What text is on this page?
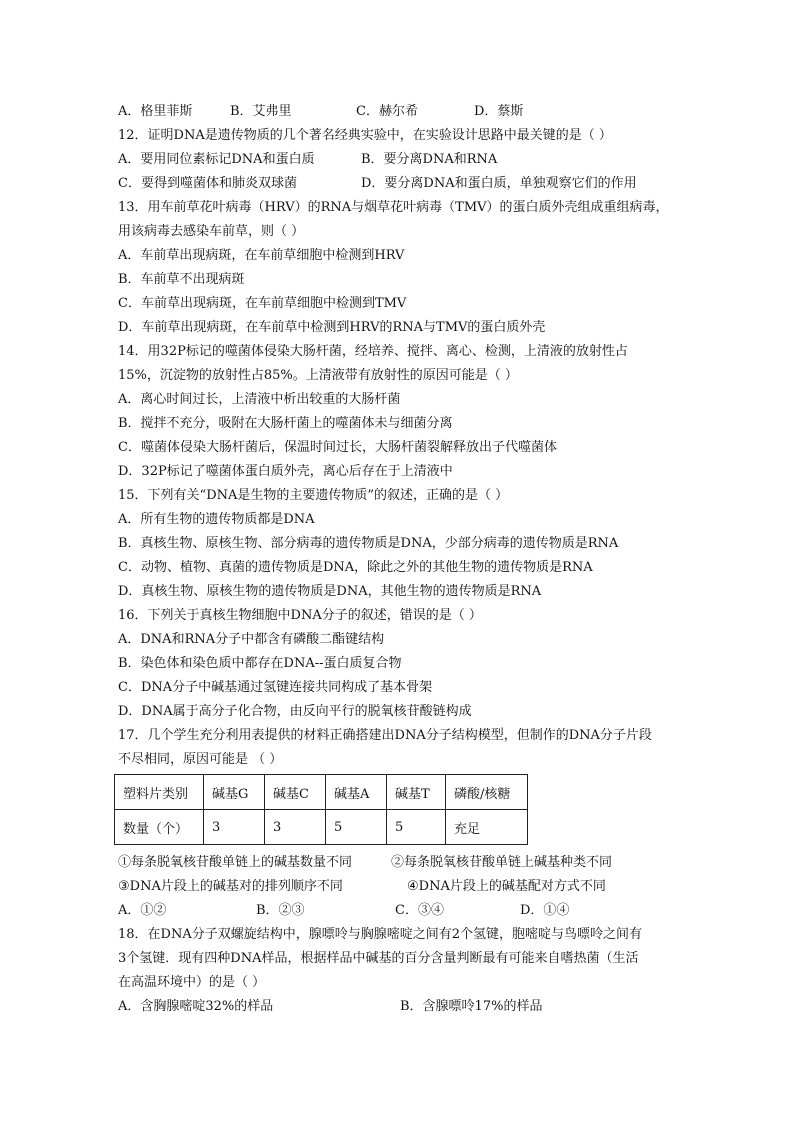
A．格里菲斯	B．艾弗里	C．赫尔希	D．蔡斯
12．证明DNA是遗传物质的几个著名经典实验中，在实验设计思路中最关键的是（ ）
A．要用同位素标记DNA和蛋白质	B．要分离DNA和RNA
C．要得到噬菌体和肺炎双球菌	D．要分离DNA和蛋白质，单独观察它们的作用
13．用车前草花叶病毒（HRV）的RNA与烟草花叶病毒（TMV）的蛋白质外壳组成重组病毒，
用该病毒去感染车前草，则（ ）
A．车前草出现病斑，在车前草细胞中检测到HRV
B．车前草不出现病斑
C．车前草出现病斑，在车前草细胞中检测到TMV
D．车前草出现病斑，在车前草中检测到HRV的RNA与TMV的蛋白质外壳
14．用32P标记的噬菌体侵染大肠杆菌，经培养、搅拌、离心、检测，上清液的放射性占
15%，沉淀物的放射性占85%。上清液带有放射性的原因可能是（ ）
A．离心时间过长，上清液中析出较重的大肠杆菌
B．搅拌不充分，吸附在大肠杆菌上的噬菌体未与细菌分离
C．噬菌体侵染大肠杆菌后，保温时间过长，大肠杆菌裂解释放出子代噬菌体
D．32P标记了噬菌体蛋白质外壳，离心后存在于上清液中
15．下列有关“DNA是生物的主要遗传物质”的叙述，正确的是（ ）
A．所有生物的遗传物质都是DNA
B．真核生物、原核生物、部分病毒的遗传物质是DNA，少部分病毒的遗传物质是RNA
C．动物、植物、真菌的遗传物质是DNA，除此之外的其他生物的遗传物质是RNA
D．真核生物、原核生物的遗传物质是DNA，其他生物的遗传物质是RNA
16．下列关于真核生物细胞中DNA分子的叙述，错误的是（ ）
A．DNA和RNA分子中都含有磷酸二酯键结构
B．染色体和染色质中都存在DNA--蛋白质复合物
C．DNA分子中碱基通过氢键连接共同构成了基本骨架
D．DNA属于高分子化合物，由反向平行的脱氧核苷酸链构成
17．几个学生充分利用表提供的材料正确搭建出DNA分子结构模型，但制作的DNA分子片段
不尽相同，原因可能是 （ ）
塑料片类别	碱基G	碱基C	碱基A	碱基T	磷酸/核糖
数量（个）	3	3	5	5	充足
①每条脱氧核苷酸单链上的碱基数量不同	②每条脱氧核苷酸单链上碱基种类不同
③DNA片段上的碱基对的排列顺序不同	④DNA片段上的碱基配对方式不同
A．①②	B．②③	C．③④	D．①④
18．在DNA分子双螺旋结构中，腺嘌呤与胸腺嘧啶之间有2个氢键，胞嘧啶与鸟嘌呤之间有
3个氢键．现有四种DNA样品，根据样品中碱基的百分含量判断最有可能来自嗜热菌（生活
在高温环境中）的是（ ）
A．含胸腺嘧啶32%的样品	B．含腺嘌呤17%的样品
